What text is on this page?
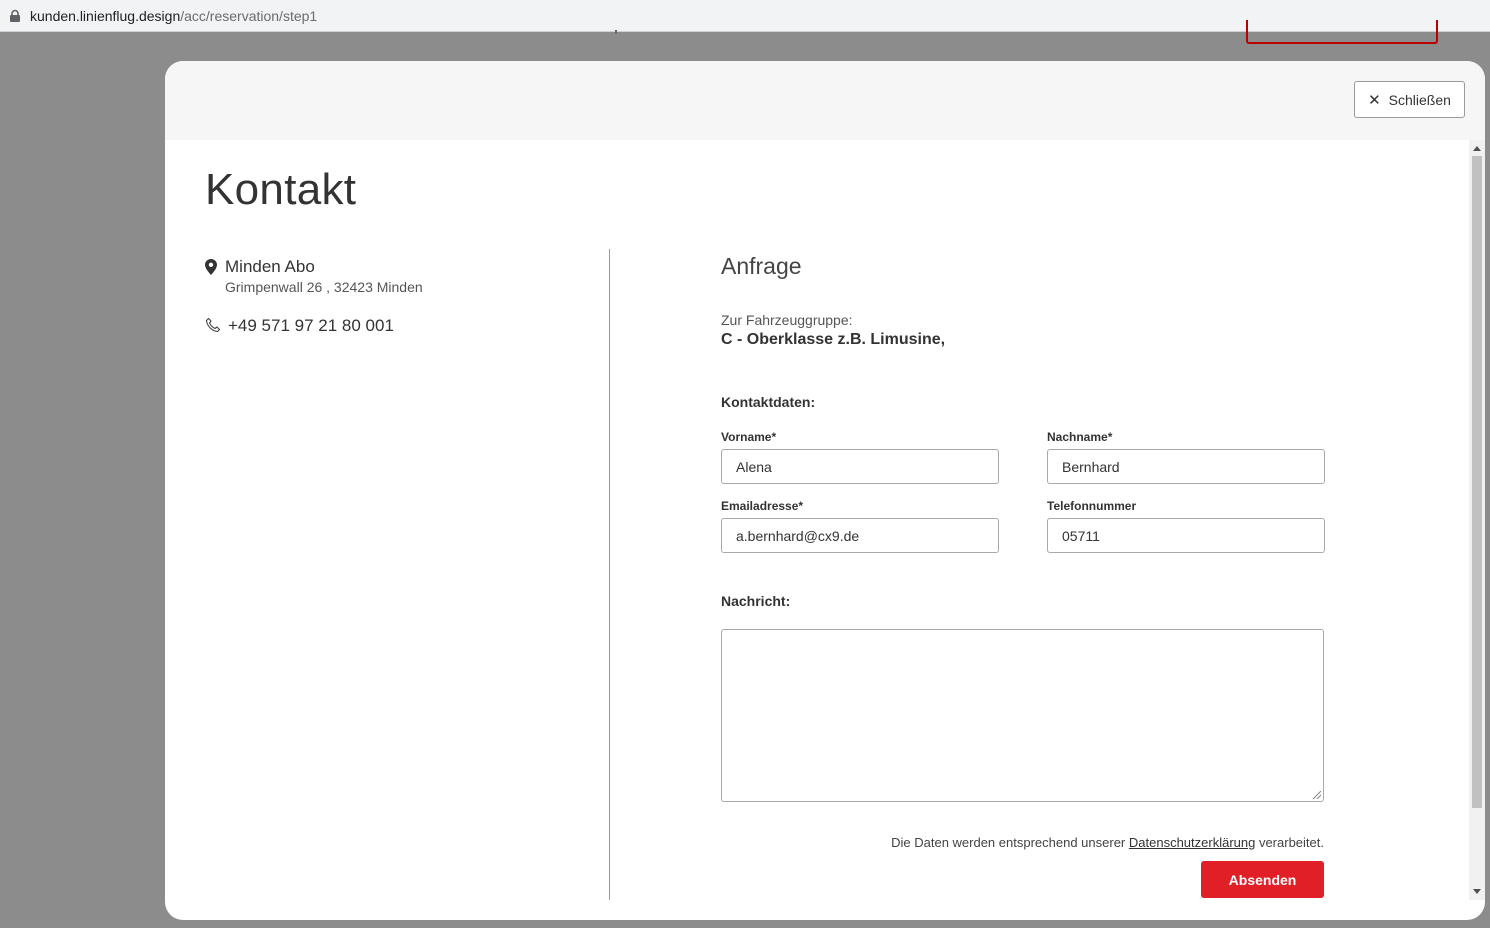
kunden.linienflug.design /acc/reservation/step1
✕ Schließen
Kontakt
Minden Abo
Grimpenwall 26 , 32423 Minden
+49 571 97 21 80 001
Anfrage
Zur Fahrzeuggruppe:
C - Oberklasse z.B. Limusine,
Kontaktdaten:
Vorname*
Alena
Nachname*
Bernhard
Emailadresse*
a.bernhard@cx9.de
Telefonnummer
05711
Nachricht:
Die Daten werden entsprechend unserer Datenschutzerklärung verarbeitet.
Absenden
